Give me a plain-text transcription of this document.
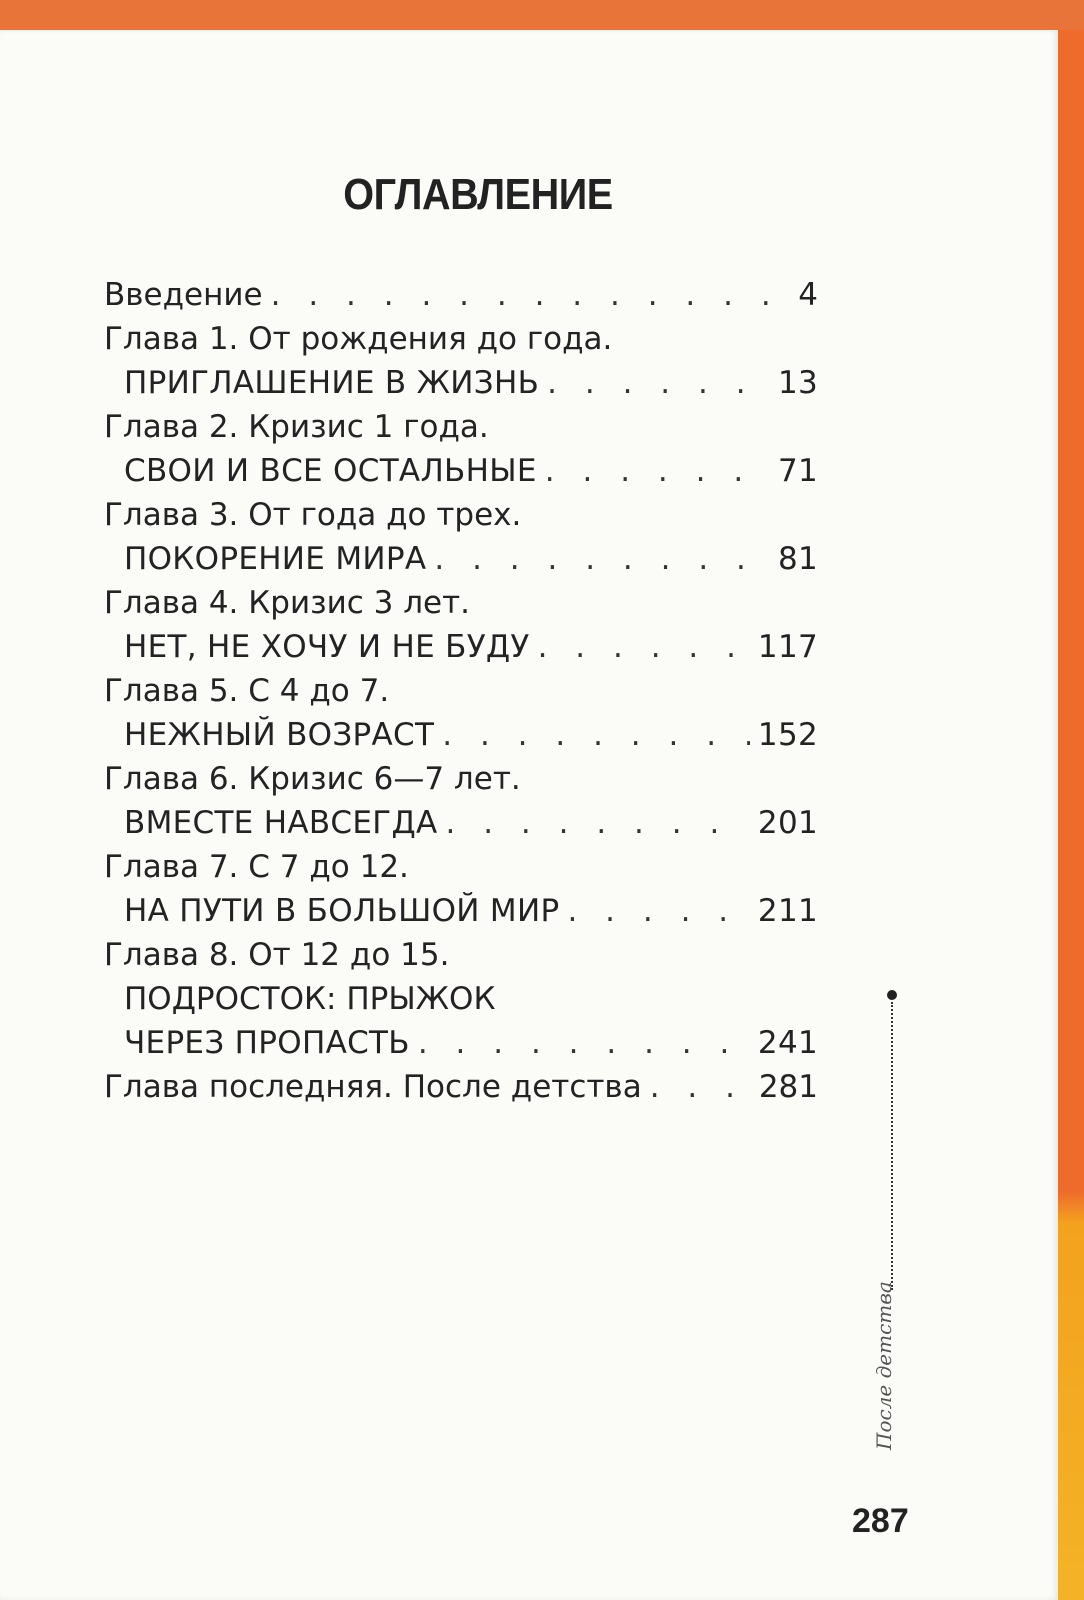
ОГЛАВЛЕНИЕ
Введение . . .	4
Глава 1. От рождения до года.
ПРИГЛАШЕНИЕ В ЖИЗНЬ . . .	13
Глава 2. Кризис 1 года.
СВОИ И ВСЕ ОСТАЛЬНЫЕ . . .	71
Глава 3. От года до трех.
ПОКОРЕНИЕ МИРА . . .	81
Глава 4. Кризис 3 лет.
НЕТ, НЕ ХОЧУ И НЕ БУДУ . . .	117
Глава 5. С 4 до 7.
НЕЖНЫЙ ВОЗРАСТ . . .	152
Глава 6. Кризис 6—7 лет.
ВМЕСТЕ НАВСЕГДА . . .	201
Глава 7. С 7 до 12.
НА ПУТИ В БОЛЬШОЙ МИР . . .	211
Глава 8. От 12 до 15.
ПОДРОСТОК: ПРЫЖОК
ЧЕРЕЗ ПРОПАСТЬ . . .	241
Глава последняя. После детства . . .	281
После детства
287
